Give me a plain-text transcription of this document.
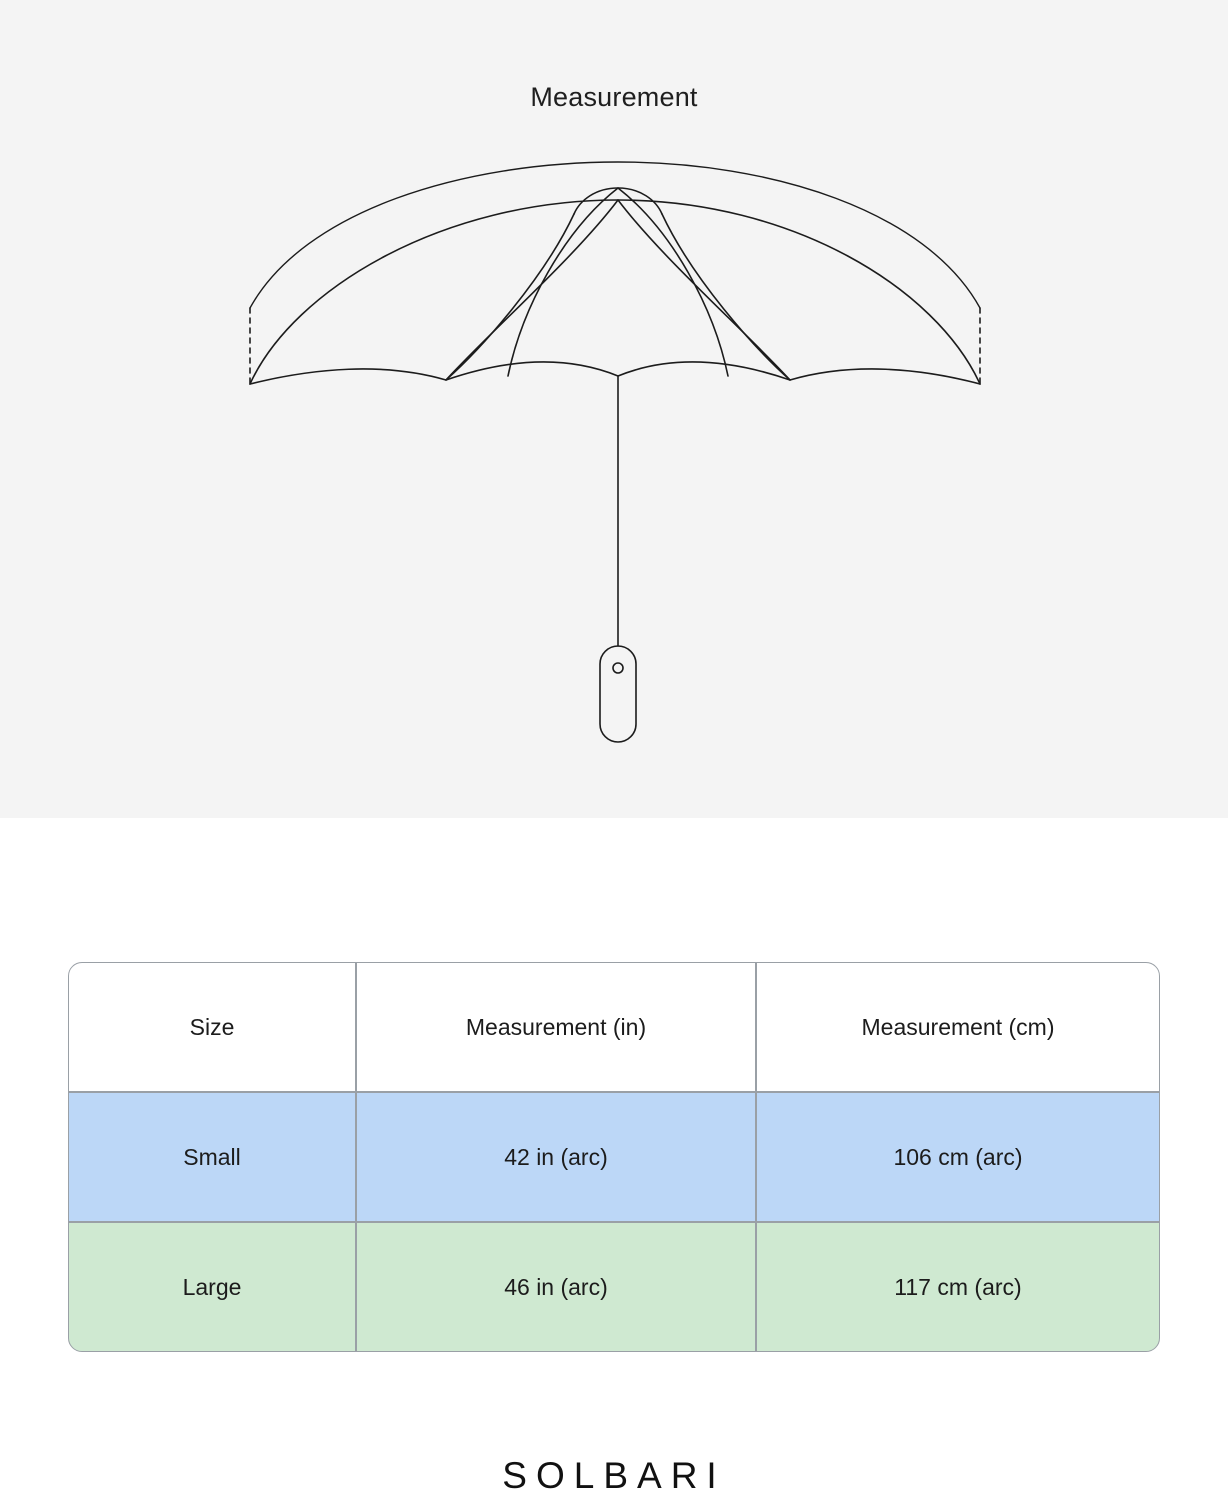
Measurement
Size	Measurement (in)	Measurement (cm)
Small	42 in (arc)	106 cm (arc)
Large	46 in (arc)	117 cm (arc)
SOLBARI
